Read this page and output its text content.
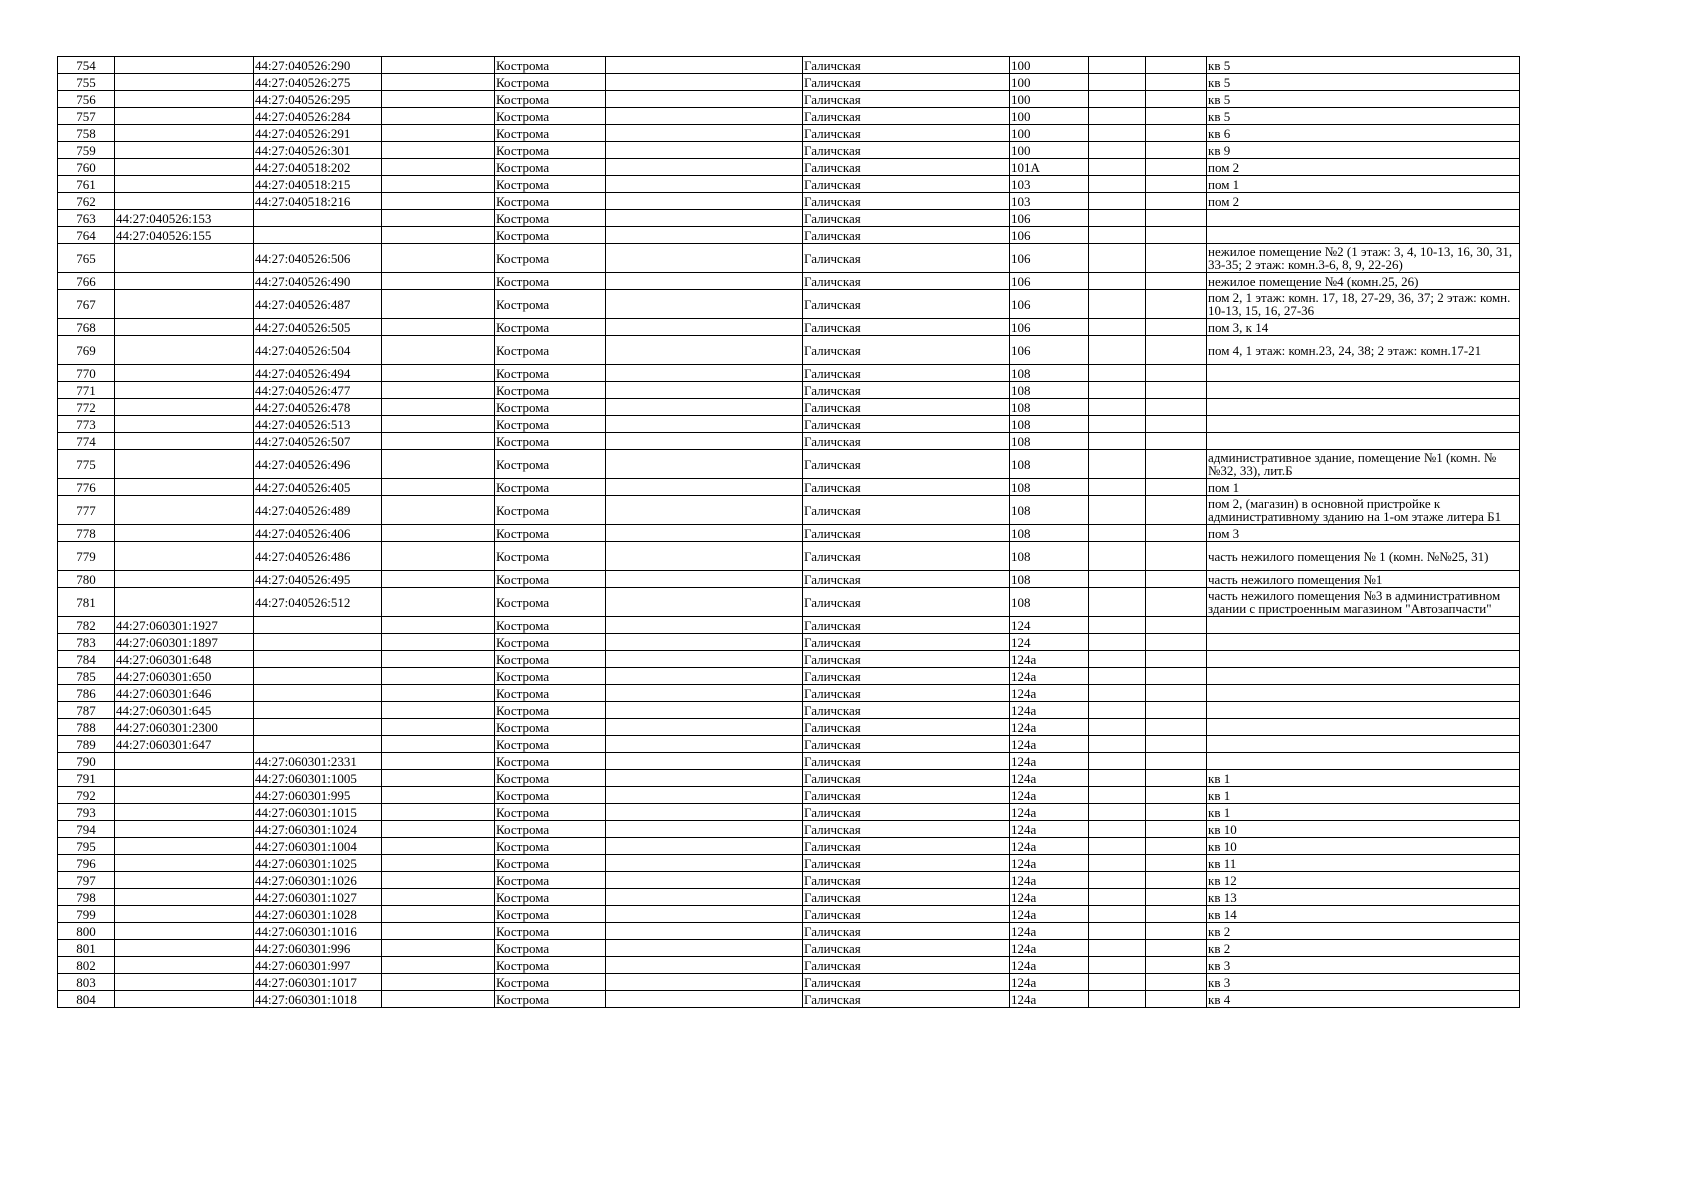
754		44:27:040526:290		Кострома		Галичская	100			кв 5
755		44:27:040526:275		Кострома		Галичская	100			кв 5
756		44:27:040526:295		Кострома		Галичская	100			кв 5
757		44:27:040526:284		Кострома		Галичская	100			кв 5
758		44:27:040526:291		Кострома		Галичская	100			кв 6
759		44:27:040526:301		Кострома		Галичская	100			кв 9
760		44:27:040518:202		Кострома		Галичская	101А			пом 2
761		44:27:040518:215		Кострома		Галичская	103			пом 1
762		44:27:040518:216		Кострома		Галичская	103			пом 2
763	44:27:040526:153			Кострома		Галичская	106			
764	44:27:040526:155			Кострома		Галичская	106			
765		44:27:040526:506		Кострома		Галичская	106			нежилое помещение №2 (1 этаж: 3, 4, 10-13, 16, 30, 31, 33-35; 2 этаж: комн.3-6, 8, 9, 22-26)
766		44:27:040526:490		Кострома		Галичская	106			нежилое помещение №4 (комн.25, 26)
767		44:27:040526:487		Кострома		Галичская	106			пом 2, 1 этаж: комн. 17, 18, 27-29, 36, 37; 2 этаж: комн. 10-13, 15, 16, 27-36
768		44:27:040526:505		Кострома		Галичская	106			пом 3, к 14
769		44:27:040526:504		Кострома		Галичская	106			пом 4, 1 этаж: комн.23, 24, 38; 2 этаж: комн.17-21
770		44:27:040526:494		Кострома		Галичская	108			
771		44:27:040526:477		Кострома		Галичская	108			
772		44:27:040526:478		Кострома		Галичская	108			
773		44:27:040526:513		Кострома		Галичская	108			
774		44:27:040526:507		Кострома		Галичская	108			
775		44:27:040526:496		Кострома		Галичская	108			административное здание, помещение №1 (комн. №№32, 33), лит.Б
776		44:27:040526:405		Кострома		Галичская	108			пом 1
777		44:27:040526:489		Кострома		Галичская	108			пом 2, (магазин) в основной пристройке к административному зданию на 1-ом этаже литера Б1
778		44:27:040526:406		Кострома		Галичская	108			пом 3
779		44:27:040526:486		Кострома		Галичская	108			часть нежилого помещения № 1 (комн. №№25, 31)
780		44:27:040526:495		Кострома		Галичская	108			часть нежилого помещения №1
781		44:27:040526:512		Кострома		Галичская	108			часть нежилого помещения №3 в административном здании с пристроенным магазином "Автозапчасти"
782	44:27:060301:1927			Кострома		Галичская	124			
783	44:27:060301:1897			Кострома		Галичская	124			
784	44:27:060301:648			Кострома		Галичская	124а			
785	44:27:060301:650			Кострома		Галичская	124а			
786	44:27:060301:646			Кострома		Галичская	124а			
787	44:27:060301:645			Кострома		Галичская	124а			
788	44:27:060301:2300			Кострома		Галичская	124а			
789	44:27:060301:647			Кострома		Галичская	124а			
790		44:27:060301:2331		Кострома		Галичская	124а			
791		44:27:060301:1005		Кострома		Галичская	124а			кв 1
792		44:27:060301:995		Кострома		Галичская	124а			кв 1
793		44:27:060301:1015		Кострома		Галичская	124а			кв 1
794		44:27:060301:1024		Кострома		Галичская	124а			кв 10
795		44:27:060301:1004		Кострома		Галичская	124а			кв 10
796		44:27:060301:1025		Кострома		Галичская	124а			кв 11
797		44:27:060301:1026		Кострома		Галичская	124а			кв 12
798		44:27:060301:1027		Кострома		Галичская	124а			кв 13
799		44:27:060301:1028		Кострома		Галичская	124а			кв 14
800		44:27:060301:1016		Кострома		Галичская	124а			кв 2
801		44:27:060301:996		Кострома		Галичская	124а			кв 2
802		44:27:060301:997		Кострома		Галичская	124а			кв 3
803		44:27:060301:1017		Кострома		Галичская	124а			кв 3
804		44:27:060301:1018		Кострома		Галичская	124а			кв 4
